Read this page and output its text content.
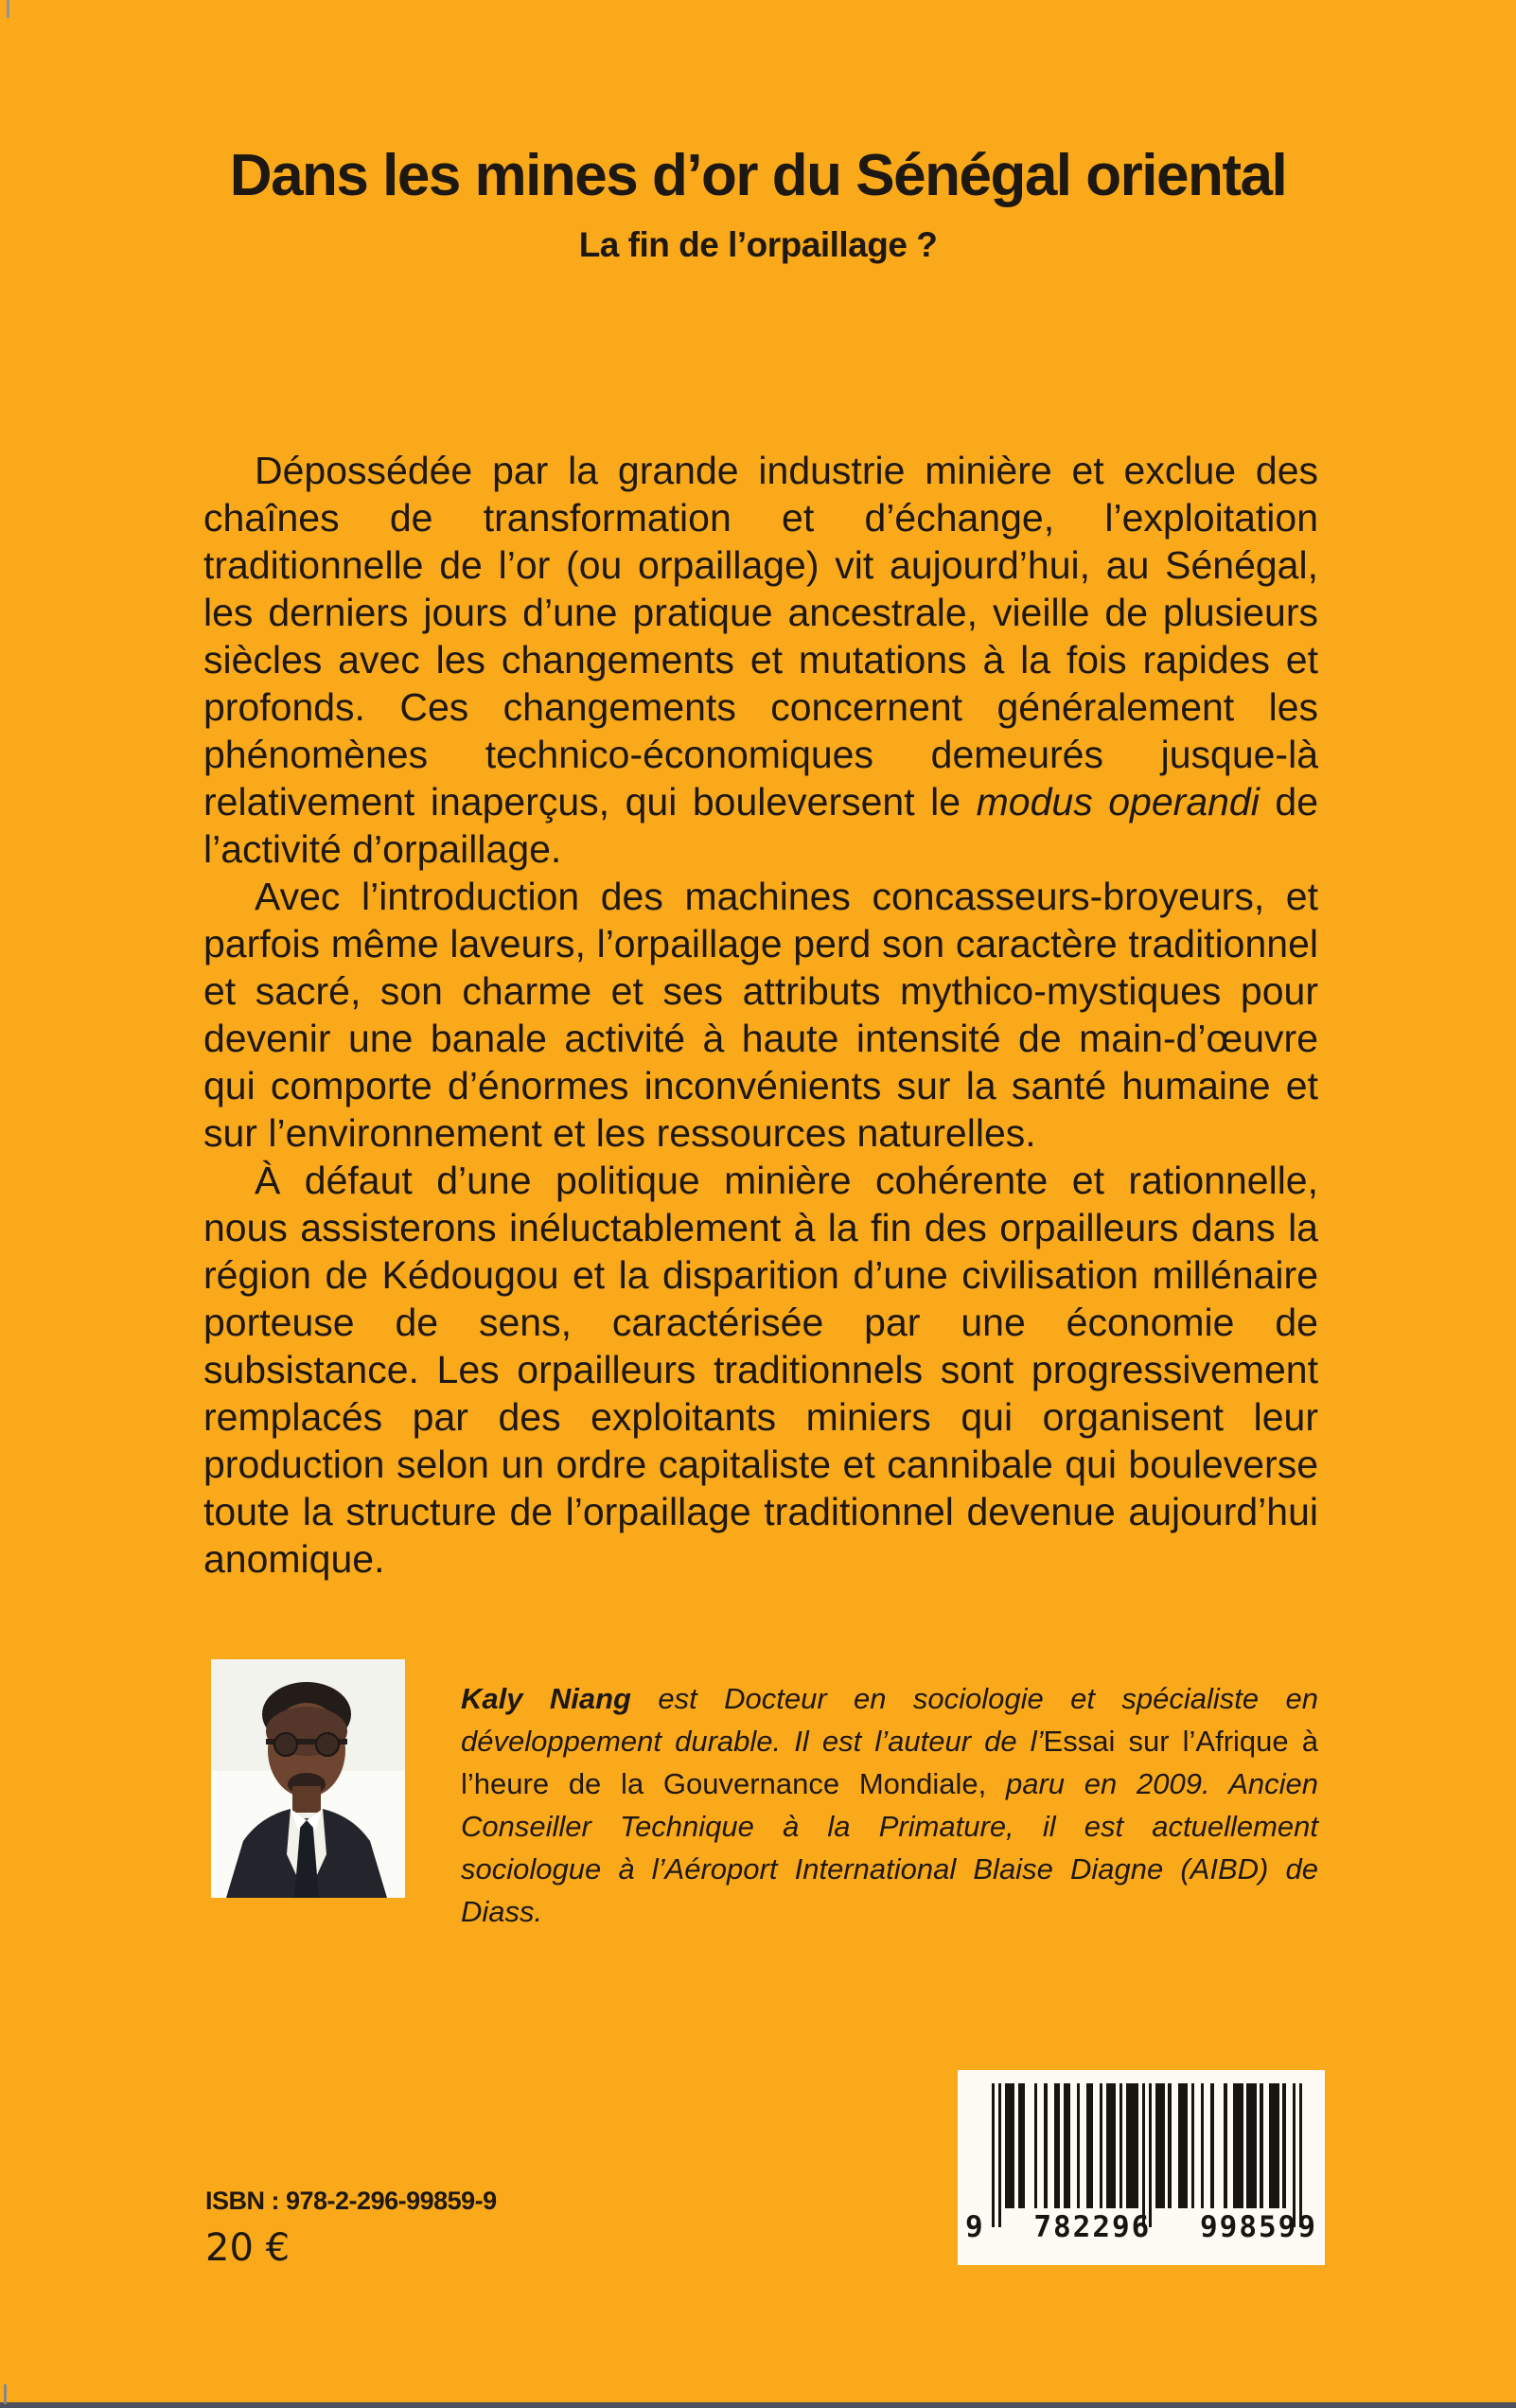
Dans les mines d’or du Sénégal oriental
La fin de l’orpaillage ?

Dépossédée par la grande industrie minière et exclue des chaînes de transformation et d’échange, l’exploitation traditionnelle de l’or (ou orpaillage) vit aujourd’hui, au Sénégal, les derniers jours d’une pratique ancestrale, vieille de plusieurs siècles avec les changements et mutations à la fois rapides et profonds. Ces changements concernent généralement les phénomènes technico-économiques demeurés jusque-là relativement inaperçus, qui bouleversent le modus operandi de l’activité d’orpaillage.

Avec l’introduction des machines concasseurs-broyeurs, et parfois même laveurs, l’orpaillage perd son caractère traditionnel et sacré, son charme et ses attributs mythico-mystiques pour devenir une banale activité à haute intensité de main-d’œuvre qui comporte d’énormes inconvénients sur la santé humaine et sur l’environnement et les ressources naturelles.

À défaut d’une politique minière cohérente et rationnelle, nous assisterons inéluctablement à la fin des orpailleurs dans la région de Kédougou et la disparition d’une civilisation millénaire porteuse de sens, caractérisée par une économie de subsistance. Les orpailleurs traditionnels sont progressivement remplacés par des exploitants miniers qui organisent leur production selon un ordre capitaliste et cannibale qui bouleverse toute la structure de l’orpaillage traditionnel devenue aujourd’hui anomique.

Kaly Niang est Docteur en sociologie et spécialiste en développement durable. Il est l’auteur de l’Essai sur l’Afrique à l’heure de la Gouvernance Mondiale, paru en 2009. Ancien Conseiller Technique à la Primature, il est actuellement sociologue à l’Aéroport International Blaise Diagne (AIBD) de Diass.

ISBN : 978-2-296-99859-9
20 €	9 782296 998599
